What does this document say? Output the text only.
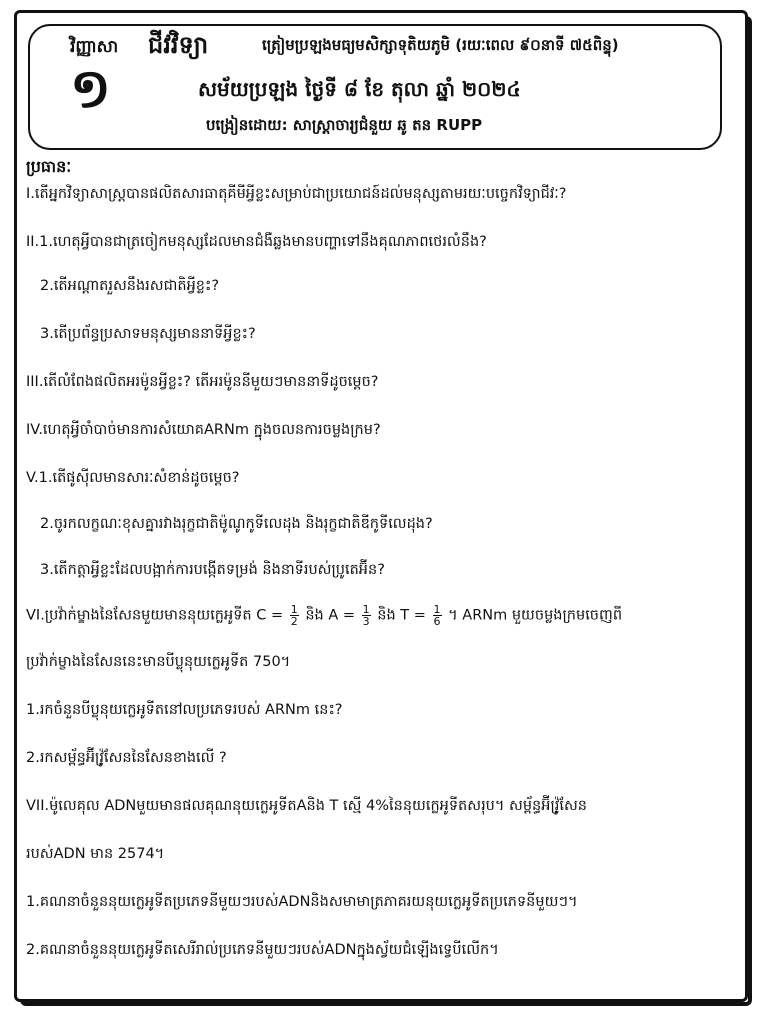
វិញ្ញាសា ជីវវិទ្យា	ត្រៀមប្រឡងមធ្យមសិក្សាទុតិយភូមិ (រយៈពេល ៩០នាទី ៧៥ពិន្ទុ)
១	សម័យប្រឡង ថ្ងៃទី ៨ ខែ តុលា ឆ្នាំ ២០២៤
បង្រៀនដោយ: សាស្ត្រាចារ្យជំនួយ ឆូ តន RUPP
ប្រធានៈ
I.តើអ្នកវិទ្យាសាស្ត្របានផលិតសារធាតុគីមីអ្វីខ្លះសម្រាប់ជាប្រយោជន៍ដល់មនុស្សតាមរយៈបច្ចេកវិទ្យាជីវៈ?
II.1.ហេតុអ្វីបានជាត្រចៀកមនុស្សដែលមានជំងឺឆ្លងមានបញ្ហាទៅនឹងគុណភាពថេរលំនឹង?
2.តើអណ្តាតរួសនឹងរសជាតិអ្វីខ្លះ?
3.តើប្រព័ន្ធប្រសាទមនុស្សមាននាទីអ្វីខ្លះ?
III.តើលំពែងផលិតអរម៉ូនអ្វីខ្លះ? តើអរម៉ូននីមួយៗមាននាទីដូចម្តេច?
IV.ហេតុអ្វីចាំបាច់មានការសំយោគARNm ក្នុងចលនការចម្លងក្រម?
V.1.តើផូស៊ីលមានសារៈសំខាន់ដូចម្តេច?
2.ចូរកលក្ខណៈខុសគ្នារវាងរុក្ខជាតិម៉ូណូកូទីលេដុង និងរុក្ខជាតិឌីកូទីលេដុង?
3.តើកត្តាអ្វីខ្លះដែលបង្អាក់ការបង្កើតទម្រង់ និងនាទីរបស់ប្រូតេអ៊ីន?
VI.ប្រវ៉ាក់ម្ខាងនៃសែនមួយមាននុយក្លេអូទីត $C = \frac{1}{2}$ និង $A = \frac{1}{3}$ និង $T = \frac{1}{6}$ ។ ARNm មួយចម្លងក្រមចេញពី
ប្រវ៉ាក់ម្ខាងនៃសែននេះមានបីប្លុនុយក្លេអូទីត 750។
1.រកចំនួនបីប្លុនុយក្លេអូទីតនៅលប្រភេទរបស់ ARNm នេះ?
2.រកសម្ព័ន្ធអ៊ីវ្រ៉ូសែននៃសែនខាងលើ ?
VII.ម៉ូលេគុល ADNមួយមានផលគុណនុយក្លេអូទីតAនិង T ស្មើ 4%នៃនុយក្លេអូទីតសរុប។ សម្ព័ន្ធអ៊ីវ្រ៉ូសែន
របស់ADN មាន 2574។
1.គណនាចំនួននុយក្លេអូទីតប្រភេទនីមួយៗរបស់ADNនិងសមាមាត្រភាគរយនុយក្លេអូទីតប្រភេទនីមួយៗ។
2.គណនាចំនួននុយក្លេអូទីតសេរីរាល់ប្រភេទនីមួយៗរបស់ADNក្នុងស្វ័យជំឡើងទ្វេបីលើក។
